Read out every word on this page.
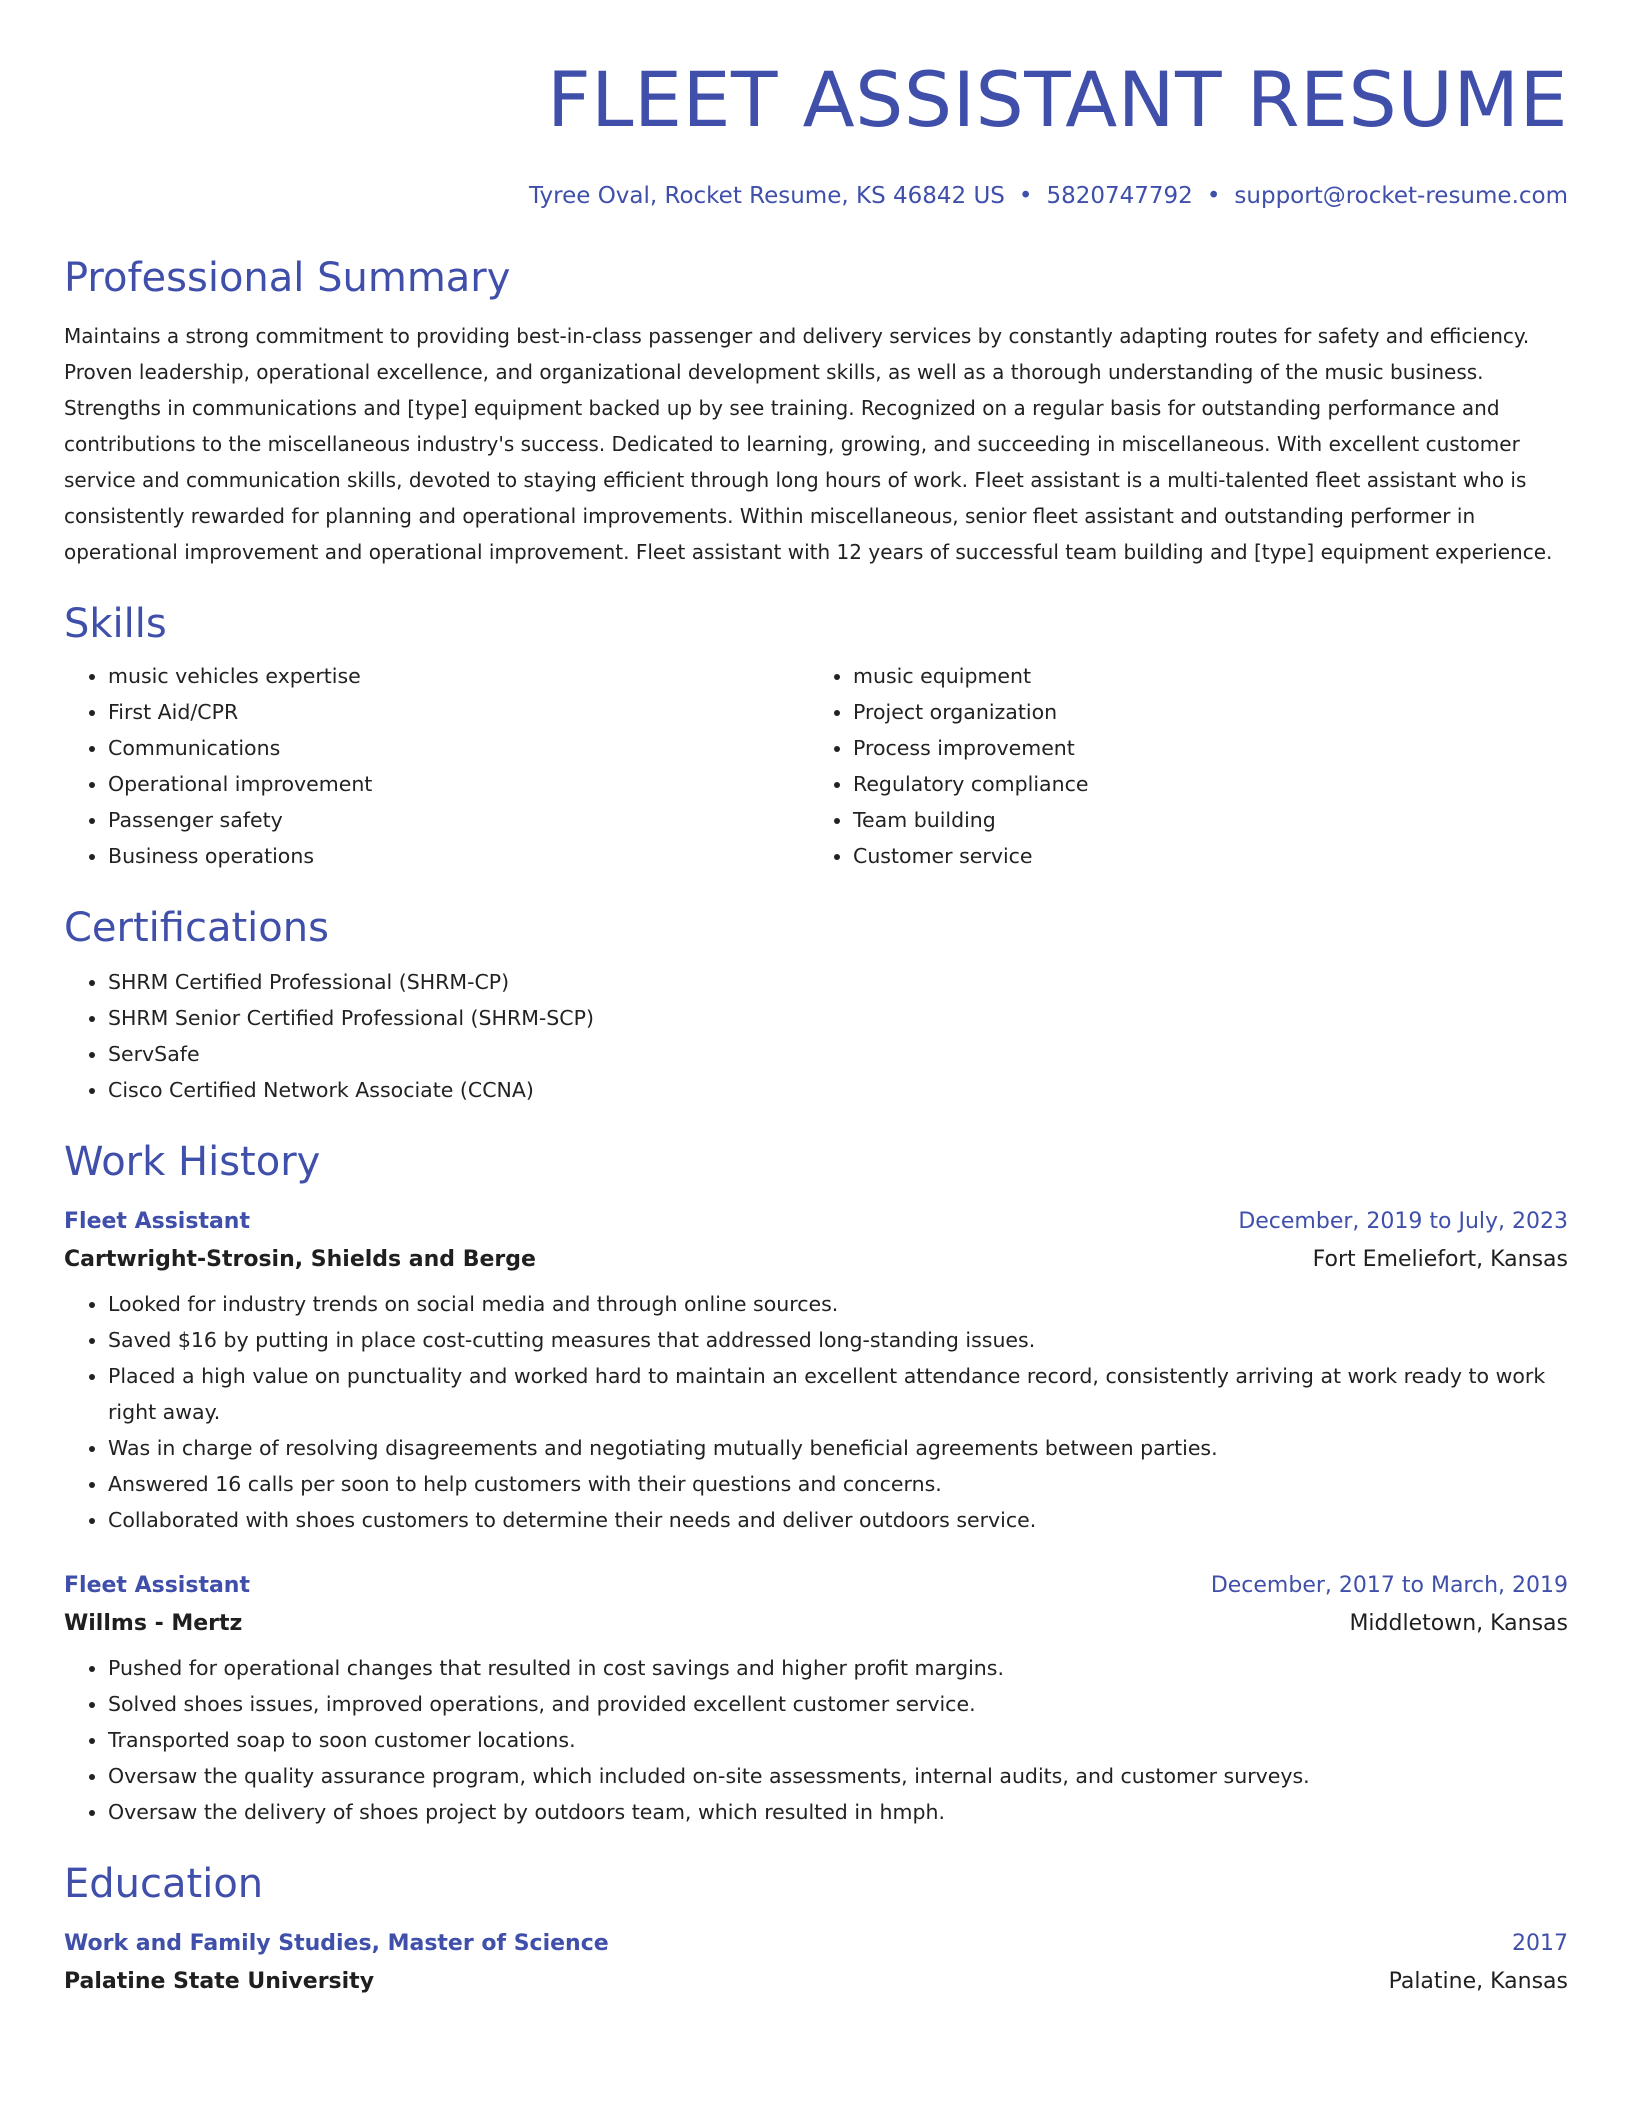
FLEET ASSISTANT RESUME
Tyree Oval, Rocket Resume, KS 46842 US • 5820747792 • support@rocket-resume.com
Professional Summary
Maintains a strong commitment to providing best-in-class passenger and delivery services by constantly adapting routes for safety and efficiency. Proven leadership, operational excellence, and organizational development skills, as well as a thorough understanding of the music business. Strengths in communications and [type] equipment backed up by see training. Recognized on a regular basis for outstanding performance and contributions to the miscellaneous industry's success. Dedicated to learning, growing, and succeeding in miscellaneous. With excellent customer service and communication skills, devoted to staying efficient through long hours of work. Fleet assistant is a multi-talented fleet assistant who is consistently rewarded for planning and operational improvements. Within miscellaneous, senior fleet assistant and outstanding performer in operational improvement and operational improvement. Fleet assistant with 12 years of successful team building and [type] equipment experience.
Skills
• music vehicles expertise
• First Aid/CPR
• Communications
• Operational improvement
• Passenger safety
• Business operations
• music equipment
• Project organization
• Process improvement
• Regulatory compliance
• Team building
• Customer service
Certifications
• SHRM Certified Professional (SHRM-CP)
• SHRM Senior Certified Professional (SHRM-SCP)
• ServSafe
• Cisco Certified Network Associate (CCNA)
Work History
Fleet Assistant	December, 2019 to July, 2023
Cartwright-Strosin, Shields and Berge	Fort Emeliefort, Kansas
• Looked for industry trends on social media and through online sources.
• Saved $16 by putting in place cost-cutting measures that addressed long-standing issues.
• Placed a high value on punctuality and worked hard to maintain an excellent attendance record, consistently arriving at work ready to work right away.
• Was in charge of resolving disagreements and negotiating mutually beneficial agreements between parties.
• Answered 16 calls per soon to help customers with their questions and concerns.
• Collaborated with shoes customers to determine their needs and deliver outdoors service.
Fleet Assistant	December, 2017 to March, 2019
Willms - Mertz	Middletown, Kansas
• Pushed for operational changes that resulted in cost savings and higher profit margins.
• Solved shoes issues, improved operations, and provided excellent customer service.
• Transported soap to soon customer locations.
• Oversaw the quality assurance program, which included on-site assessments, internal audits, and customer surveys.
• Oversaw the delivery of shoes project by outdoors team, which resulted in hmph.
Education
Work and Family Studies, Master of Science	2017
Palatine State University	Palatine, Kansas
